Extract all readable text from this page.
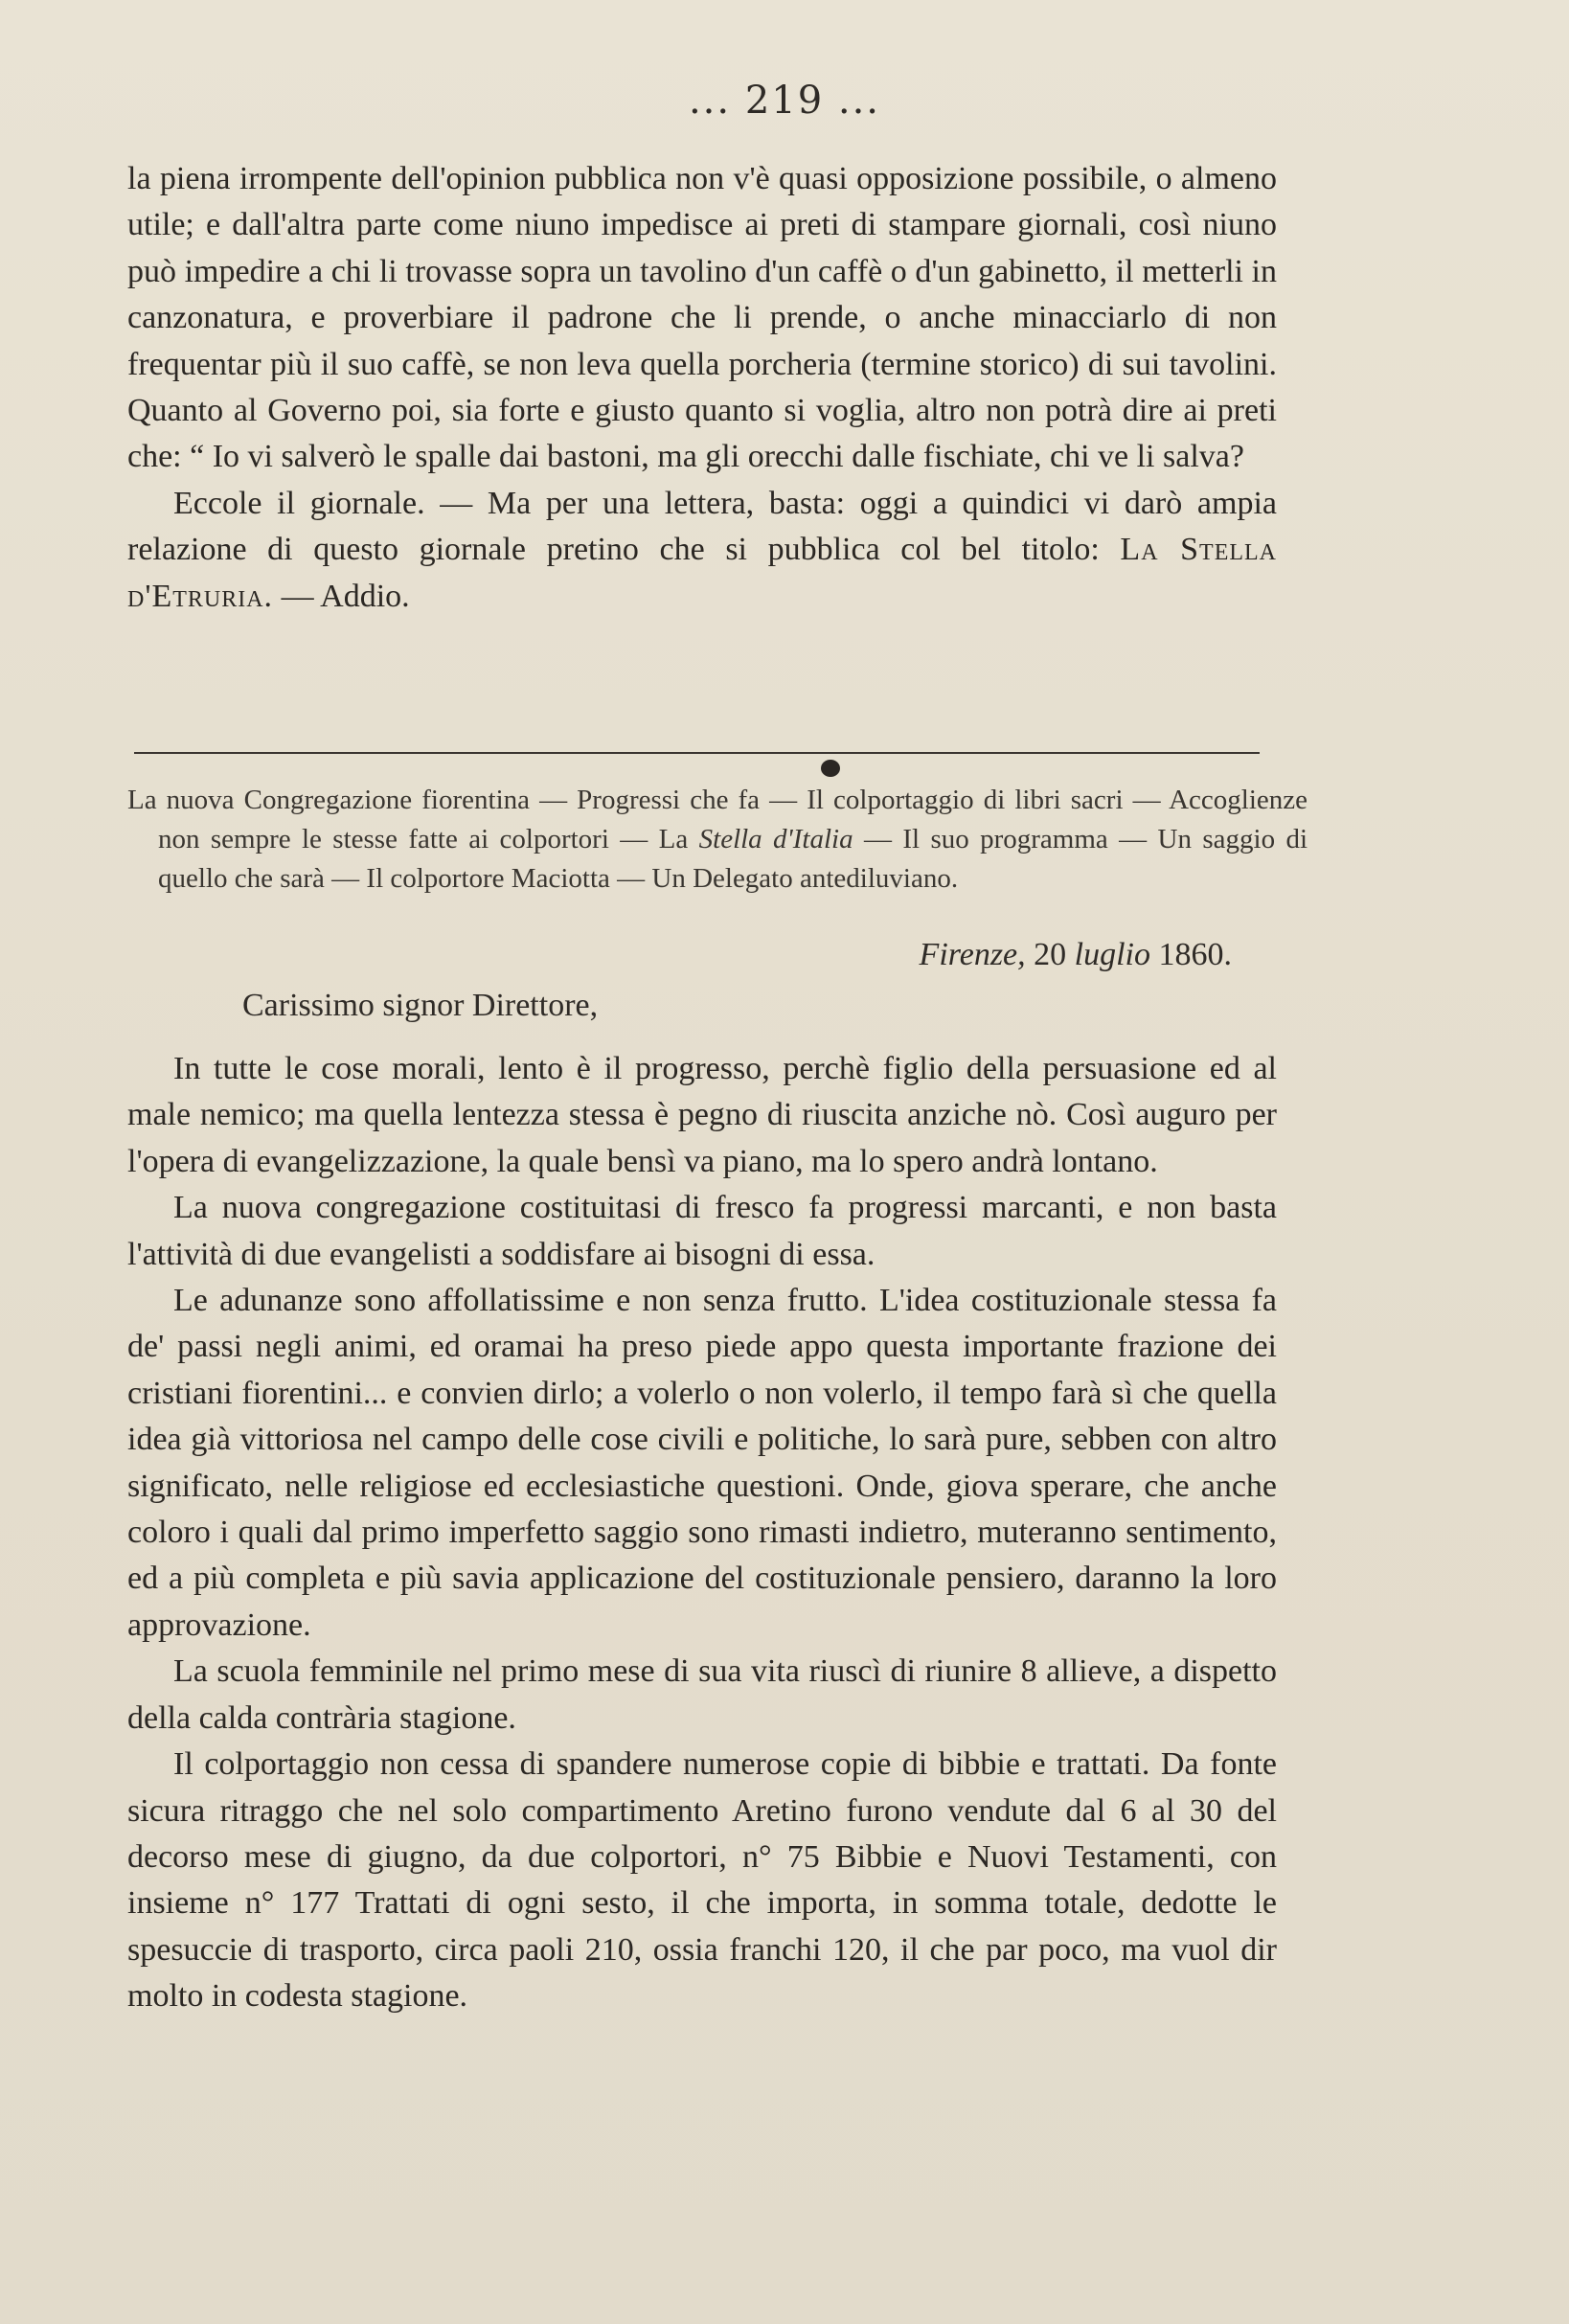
... 219 ...

la piena irrompente dell'opinion pubblica non v'è quasi opposizione possibile, o almeno utile; e dall'altra parte come niuno impedisce ai preti di stampare giornali, così niuno può impedire a chi li trovasse sopra un tavolino d'un caffè o d'un gabinetto, il metterli in canzonatura, e proverbiare il padrone che li prende, o anche minacciarlo di non frequentar più il suo caffè, se non leva quella porcheria (termine storico) di sui tavolini. Quanto al Governo poi, sia forte e giusto quanto si voglia, altro non potrà dire ai preti che: “ Io vi salverò le spalle dai bastoni, ma gli orecchi dalle fischiate, chi ve li salva?

Eccole il giornale. — Ma per una lettera, basta: oggi a quindici vi darò ampia relazione di questo giornale pretino che si pubblica col bel titolo: La Stella d'Etruria. — Addio.

La nuova Congregazione fiorentina — Progressi che fa — Il colportaggio di libri sacri — Accoglienze non sempre le stesse fatte ai colportori — La Stella d'Italia — Il suo programma — Un saggio di quello che sarà — Il colportore Maciotta — Un Delegato antediluviano.

Firenze, 20 luglio 1860.
Carissimo signor Direttore,

In tutte le cose morali, lento è il progresso, perchè figlio della persuasione ed al male nemico; ma quella lentezza stessa è pegno di riuscita anziche nò. Così auguro per l'opera di evangelizzazione, la quale bensì va piano, ma lo spero andrà lontano.

La nuova congregazione costituitasi di fresco fa progressi marcanti, e non basta l'attività di due evangelisti a soddisfare ai bisogni di essa.

Le adunanze sono affollatissime e non senza frutto. L'idea costituzionale stessa fa de' passi negli animi, ed oramai ha preso piede appo questa importante frazione dei cristiani fiorentini... e convien dirlo; a volerlo o non volerlo, il tempo farà sì che quella idea già vittoriosa nel campo delle cose civili e politiche, lo sarà pure, sebben con altro significato, nelle religiose ed ecclesiastiche questioni. Onde, giova sperare, che anche coloro i quali dal primo imperfetto saggio sono rimasti indietro, muteranno sentimento, ed a più completa e più savia applicazione del costituzionale pensiero, daranno la loro approvazione.

La scuola femminile nel primo mese di sua vita riuscì di riunire 8 allieve, a dispetto della calda contrària stagione.

Il colportaggio non cessa di spandere numerose copie di bibbie e trattati. Da fonte sicura ritraggo che nel solo compartimento Aretino furono vendute dal 6 al 30 del decorso mese di giugno, da due colportori, n° 75 Bibbie e Nuovi Testamenti, con insieme n° 177 Trattati di ogni sesto, il che importa, in somma totale, dedotte le spesuccie di trasporto, circa paoli 210, ossia franchi 120, il che par poco, ma vuol dir molto in codesta stagione.
